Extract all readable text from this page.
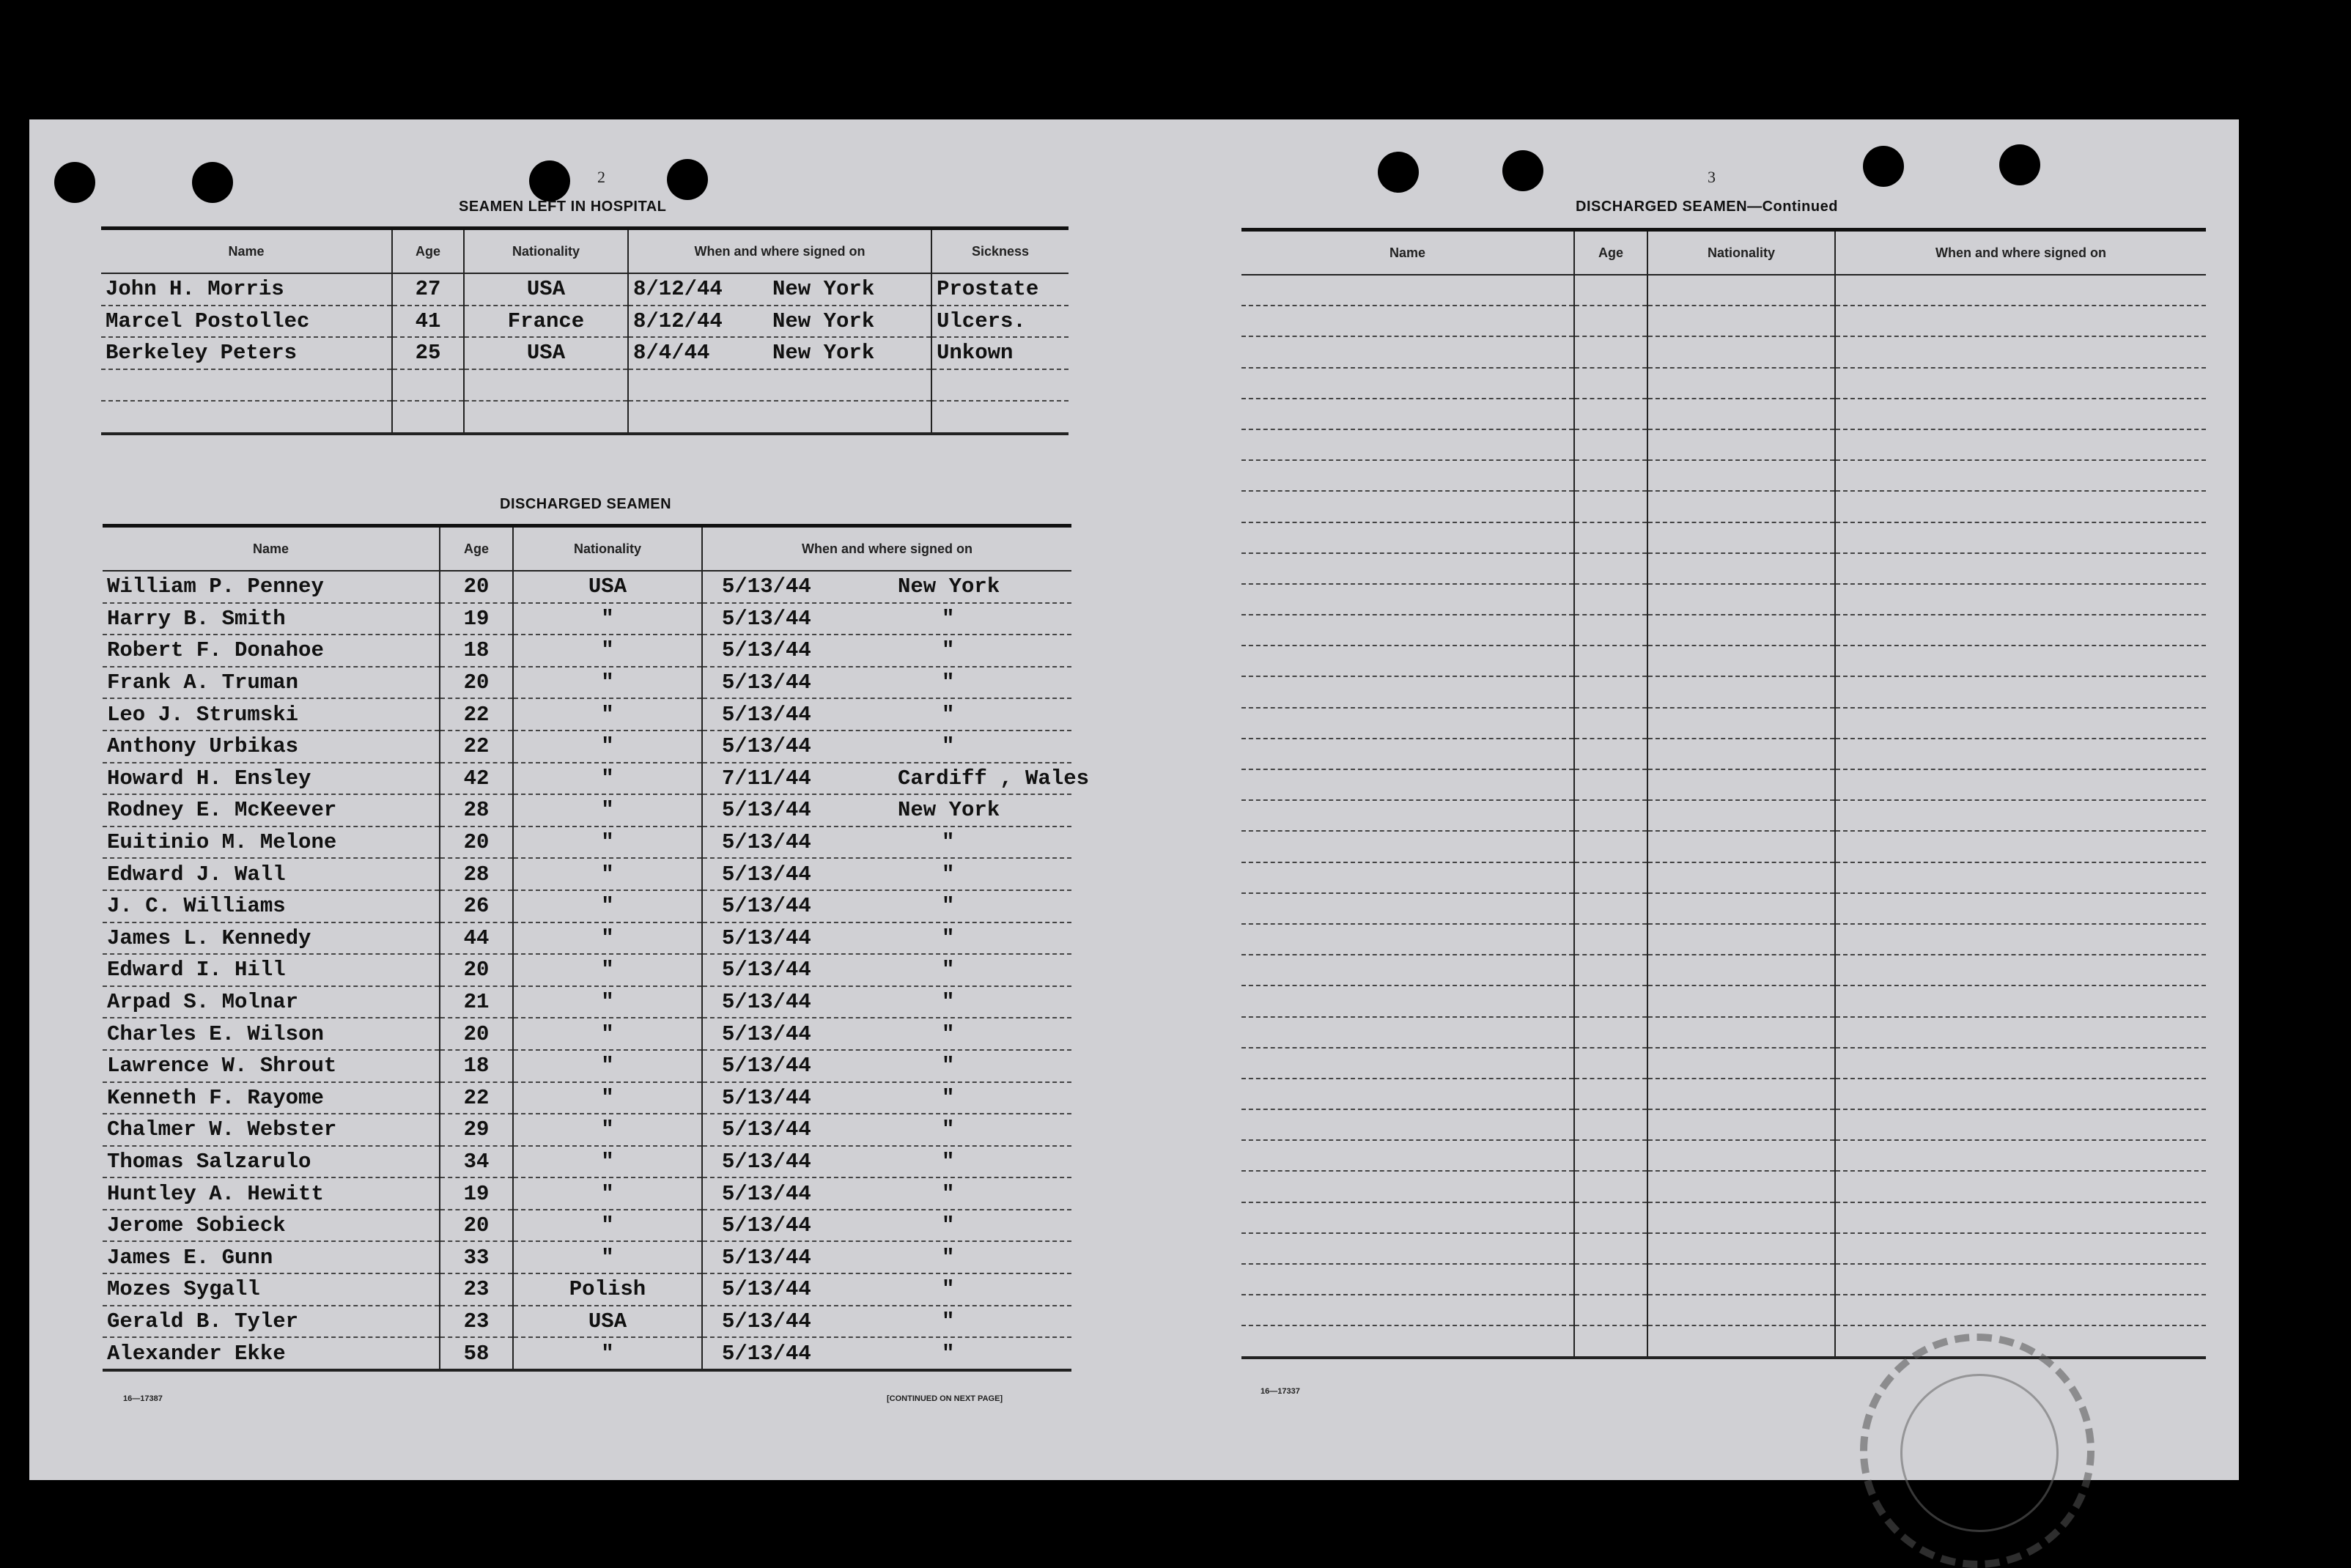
2
SEAMEN LEFT IN HOSPITAL
Name	Age	Nationality	When and where signed on	Sickness
John H. Morris	27	USA	8/12/44 New York	Prostate
Marcel Postollec	41	France	8/12/44 New York	Ulcers.
Berkeley Peters	25	USA	8/4/44 New York	Unkown

DISCHARGED SEAMEN
Name	Age	Nationality	When and where signed on
William P. Penney	20	USA	5/13/44 New York
Harry B. Smith	19	"	5/13/44 "
Robert F. Donahoe	18	"	5/13/44 "
Frank A. Truman	20	"	5/13/44 "
Leo J. Strumski	22	"	5/13/44 "
Anthony Urbikas	22	"	5/13/44 "
Howard H. Ensley	42	"	7/11/44 Cardiff , Wales
Rodney E. McKeever	28	"	5/13/44 New York
Euitinio M. Melone	20	"	5/13/44 "
Edward J. Wall	28	"	5/13/44 "
J. C. Williams	26	"	5/13/44 "
James L. Kennedy	44	"	5/13/44 "
Edward I. Hill	20	"	5/13/44 "
Arpad S. Molnar	21	"	5/13/44 "
Charles E. Wilson	20	"	5/13/44 "
Lawrence W. Shrout	18	"	5/13/44 "
Kenneth F. Rayome	22	"	5/13/44 "
Chalmer W. Webster	29	"	5/13/44 "
Thomas Salzarulo	34	"	5/13/44 "
Huntley A. Hewitt	19	"	5/13/44 "
Jerome Sobieck	20	"	5/13/44 "
James E. Gunn	33	"	5/13/44 "
Mozes Sygall	23	Polish	5/13/44 "
Gerald B. Tyler	23	USA	5/13/44 "
Alexander Ekke	58	"	5/13/44 "
16—17387	[CONTINUED ON NEXT PAGE]
3
DISCHARGED SEAMEN—Continued
Name	Age	Nationality	When and where signed on

16—17337
